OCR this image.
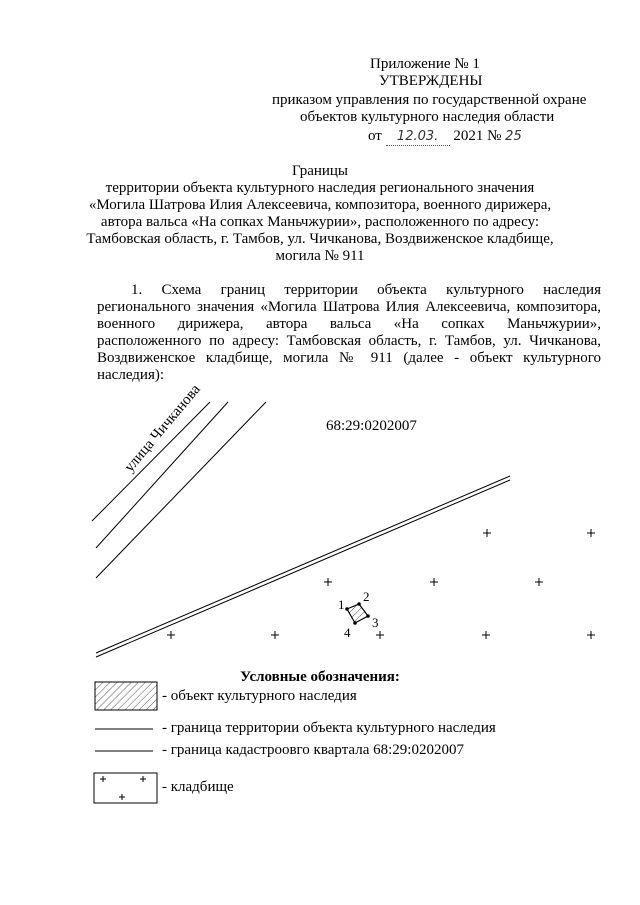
Приложение № 1
УТВЕРЖДЕНЫ
приказом управления по государственной охране
объектов культурного наследия области
от 12.03. 2021 № 25
Границы
территории объекта культурного наследия регионального значения
«Могила Шатрова Илия Алексеевича, композитора, военного дирижера,
автора вальса «На сопках Маньчжурии», расположенного по адресу:
Тамбовская область, г. Тамбов, ул. Чичканова, Воздвиженское кладбище,
могила № 911
1. Схема границ территории объекта культурного наследия
регионального значения «Могила Шатрова Илия Алексеевича, композитора,
военного дирижера, автора вальса «На сопках Маньчжурии»,
расположенного по адресу: Тамбовская область, г. Тамбов, ул. Чичканова,
Воздвиженское кладбище, могила № 911 (далее - объект культурного
наследия):
68:29:0202007
улица Чичканова
1
2
3
4
Условные обозначения:
- объект культурного наследия
- граница территории объекта культурного наследия
- граница кадастроовго квартала 68:29:0202007
- кладбище
